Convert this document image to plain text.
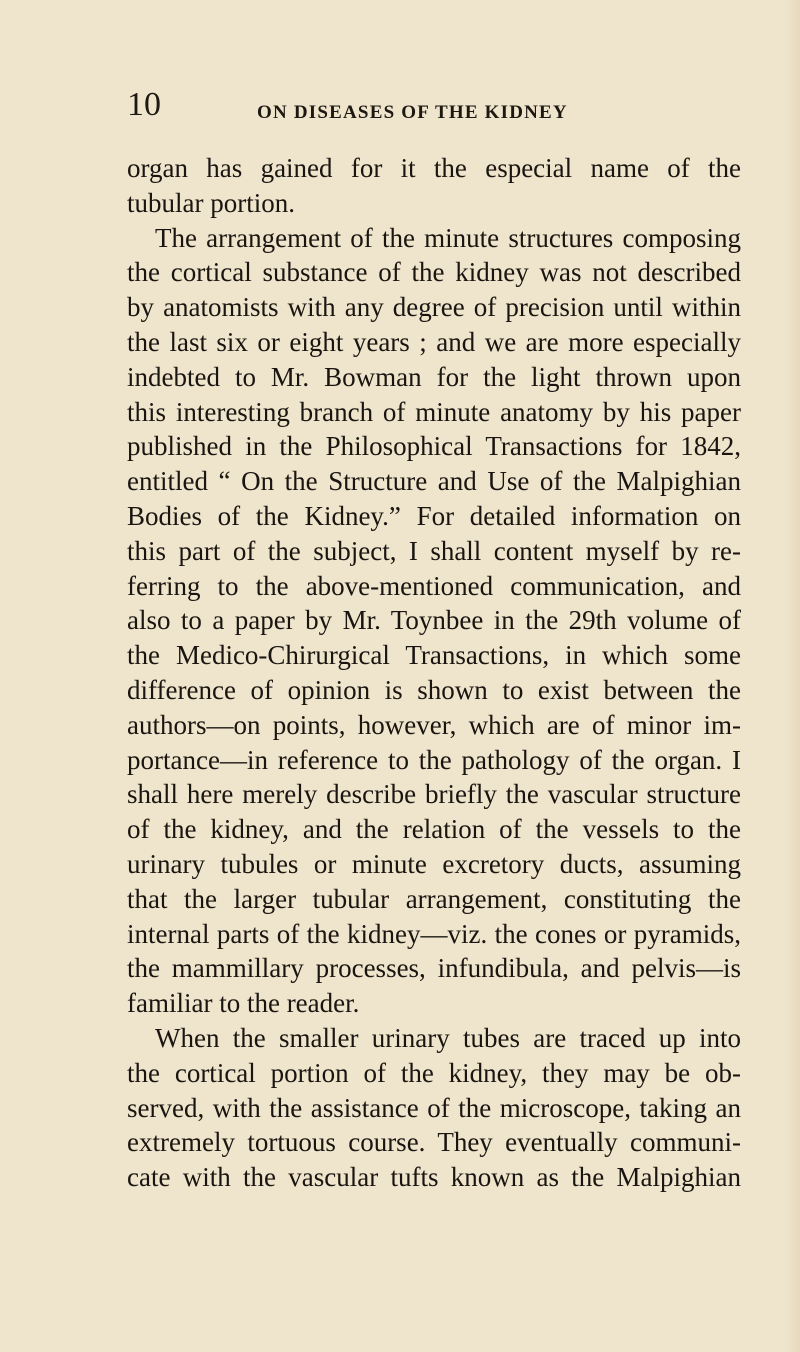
10	ON DISEASES OF THE KIDNEY
organ has gained for it the especial name of the
tubular portion.
The arrangement of the minute structures composing
the cortical substance of the kidney was not described
by anatomists with any degree of precision until within
the last six or eight years ; and we are more especially
indebted to Mr. Bowman for the light thrown upon
this interesting branch of minute anatomy by his paper
published in the Philosophical Transactions for 1842,
entitled “ On the Structure and Use of the Malpighian
Bodies of the Kidney.” For detailed information on
this part of the subject, I shall content myself by re-
ferring to the above-mentioned communication, and
also to a paper by Mr. Toynbee in the 29th volume of
the Medico-Chirurgical Transactions, in which some
difference of opinion is shown to exist between the
authors—on points, however, which are of minor im-
portance—in reference to the pathology of the organ. I
shall here merely describe briefly the vascular structure
of the kidney, and the relation of the vessels to the
urinary tubules or minute excretory ducts, assuming
that the larger tubular arrangement, constituting the
internal parts of the kidney—viz. the cones or pyramids,
the mammillary processes, infundibula, and pelvis—is
familiar to the reader.
When the smaller urinary tubes are traced up into
the cortical portion of the kidney, they may be ob-
served, with the assistance of the microscope, taking an
extremely tortuous course. They eventually communi-
cate with the vascular tufts known as the Malpighian
